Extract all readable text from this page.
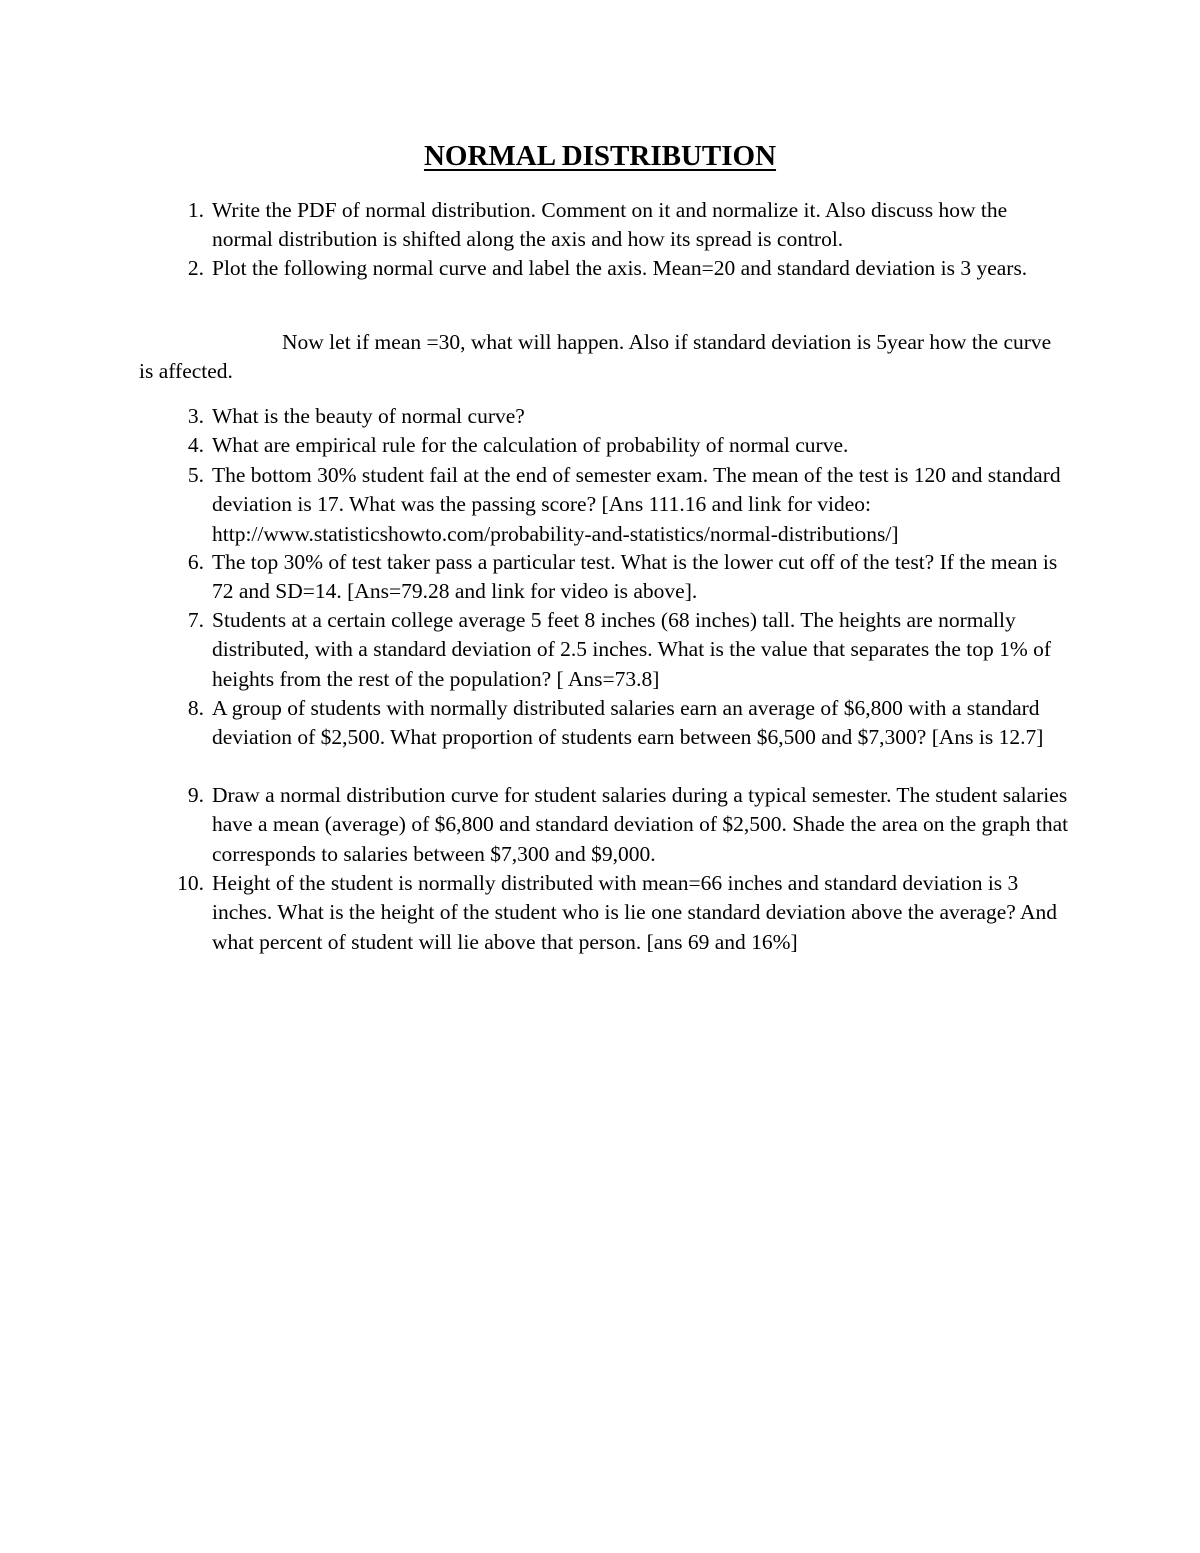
NORMAL DISTRIBUTION
1. Write the PDF of normal distribution. Comment on it and normalize it. Also discuss how the normal distribution is shifted along the axis and how its spread is control.
2. Plot the following normal curve and label the axis. Mean=20 and standard deviation is 3 years.
Now let if mean =30, what will happen. Also if standard deviation is 5year how the curve is affected.
3. What is the beauty of normal curve?
4. What are empirical rule for the calculation of probability of normal curve.
5. The bottom 30% student fail at the end of semester exam. The mean of the test is 120 and standard deviation is 17. What was the passing score? [Ans 111.16 and link for video: http://www.statisticshowto.com/probability-and-statistics/normal-distributions/]
6. The top 30% of test taker pass a particular test. What is the lower cut off of the test? If the mean is 72 and SD=14. [Ans=79.28 and link for video is above].
7. Students at a certain college average 5 feet 8 inches (68 inches) tall. The heights are normally distributed, with a standard deviation of 2.5 inches. What is the value that separates the top 1% of heights from the rest of the population? [ Ans=73.8]
8. A group of students with normally distributed salaries earn an average of $6,800 with a standard deviation of $2,500. What proportion of students earn between $6,500 and $7,300? [Ans is 12.7]
9. Draw a normal distribution curve for student salaries during a typical semester. The student salaries have a mean (average) of $6,800 and standard deviation of $2,500. Shade the area on the graph that corresponds to salaries between $7,300 and $9,000.
10. Height of the student is normally distributed with mean=66 inches and standard deviation is 3 inches. What is the height of the student who is lie one standard deviation above the average? And what percent of student will lie above that person. [ans 69 and 16%]
